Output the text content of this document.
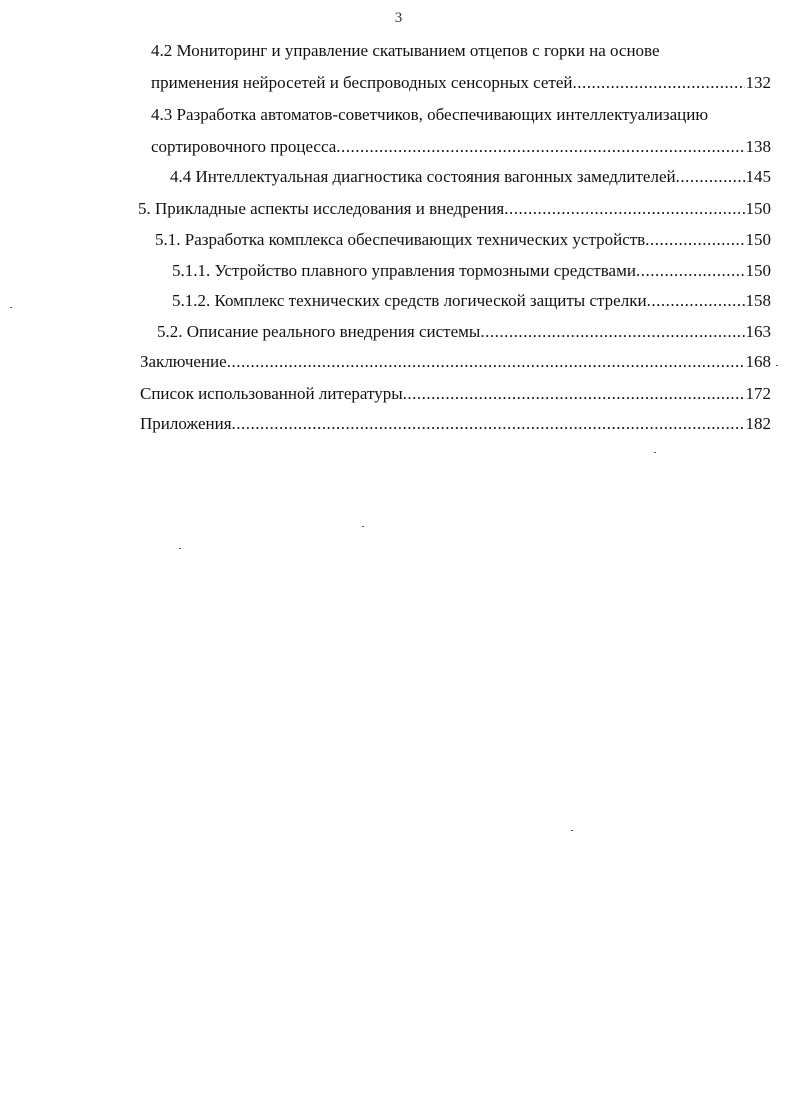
3
4.2 Мониторинг и управление скатыванием отцепов с горки на основе
применения нейросетей и беспроводных сенсорных сетей .....	132
4.3 Разработка автоматов-советчиков, обеспечивающих интеллектуализацию
сортировочного процесса .....	138
4.4 Интеллектуальная диагностика состояния вагонных замедлителей .....	145
5. Прикладные аспекты исследования и внедрения .....	150
5.1. Разработка комплекса обеспечивающих технических устройств .....	150
5.1.1. Устройство плавного управления тормозными средствами .....	150
5.1.2. Комплекс технических средств логической защиты стрелки .....	158
5.2. Описание реального внедрения системы .....	163
Заключение .....	168
Список использованной литературы .....	172
Приложения .....	182
